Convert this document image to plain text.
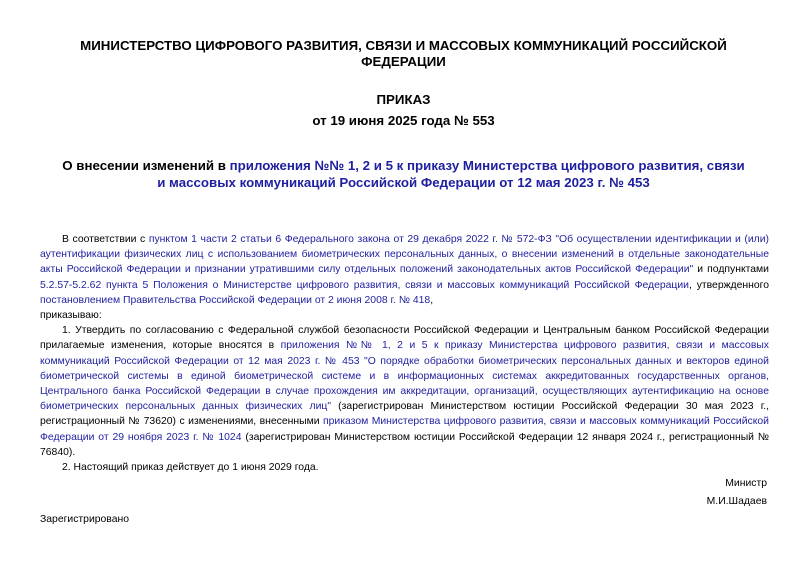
МИНИСТЕРСТВО ЦИФРОВОГО РАЗВИТИЯ, СВЯЗИ И МАССОВЫХ КОММУНИКАЦИЙ РОССИЙСКОЙ ФЕДЕРАЦИИ
ПРИКАЗ
от 19 июня 2025 года № 553
О внесении изменений в приложения №№ 1, 2 и 5 к приказу Министерства цифрового развития, связи и массовых коммуникаций Российской Федерации от 12 мая 2023 г. № 453

В соответствии с пунктом 1 части 2 статьи 6 Федерального закона от 29 декабря 2022 г. № 572-ФЗ "Об осуществлении идентификации и (или) аутентификации физических лиц с использованием биометрических персональных данных, о внесении изменений в отдельные законодательные акты Российской Федерации и признании утратившими силу отдельных положений законодательных актов Российской Федерации" и подпунктами 5.2.57-5.2.62 пункта 5 Положения о Министерстве цифрового развития, связи и массовых коммуникаций Российской Федерации, утвержденного постановлением Правительства Российской Федерации от 2 июня 2008 г. № 418,

приказываю:

1. Утвердить по согласованию с Федеральной службой безопасности Российской Федерации и Центральным банком Российской Федерации прилагаемые изменения, которые вносятся в приложения №№ 1, 2 и 5 к приказу Министерства цифрового развития, связи и массовых коммуникаций Российской Федерации от 12 мая 2023 г. № 453 "О порядке обработки биометрических персональных данных и векторов единой биометрической системы в единой биометрической системе и в информационных системах аккредитованных государственных органов, Центрального банка Российской Федерации в случае прохождения им аккредитации, организаций, осуществляющих аутентификацию на основе биометрических персональных данных физических лиц" (зарегистрирован Министерством юстиции Российской Федерации 30 мая 2023 г., регистрационный № 73620) с изменениями, внесенными приказом Министерства цифрового развития, связи и массовых коммуникаций Российской Федерации от 29 ноября 2023 г. № 1024 (зарегистрирован Министерством юстиции Российской Федерации 12 января 2024 г., регистрационный № 76840).

2. Настоящий приказ действует до 1 июня 2029 года.

Министр
М.И.Шадаев
Зарегистрировано
